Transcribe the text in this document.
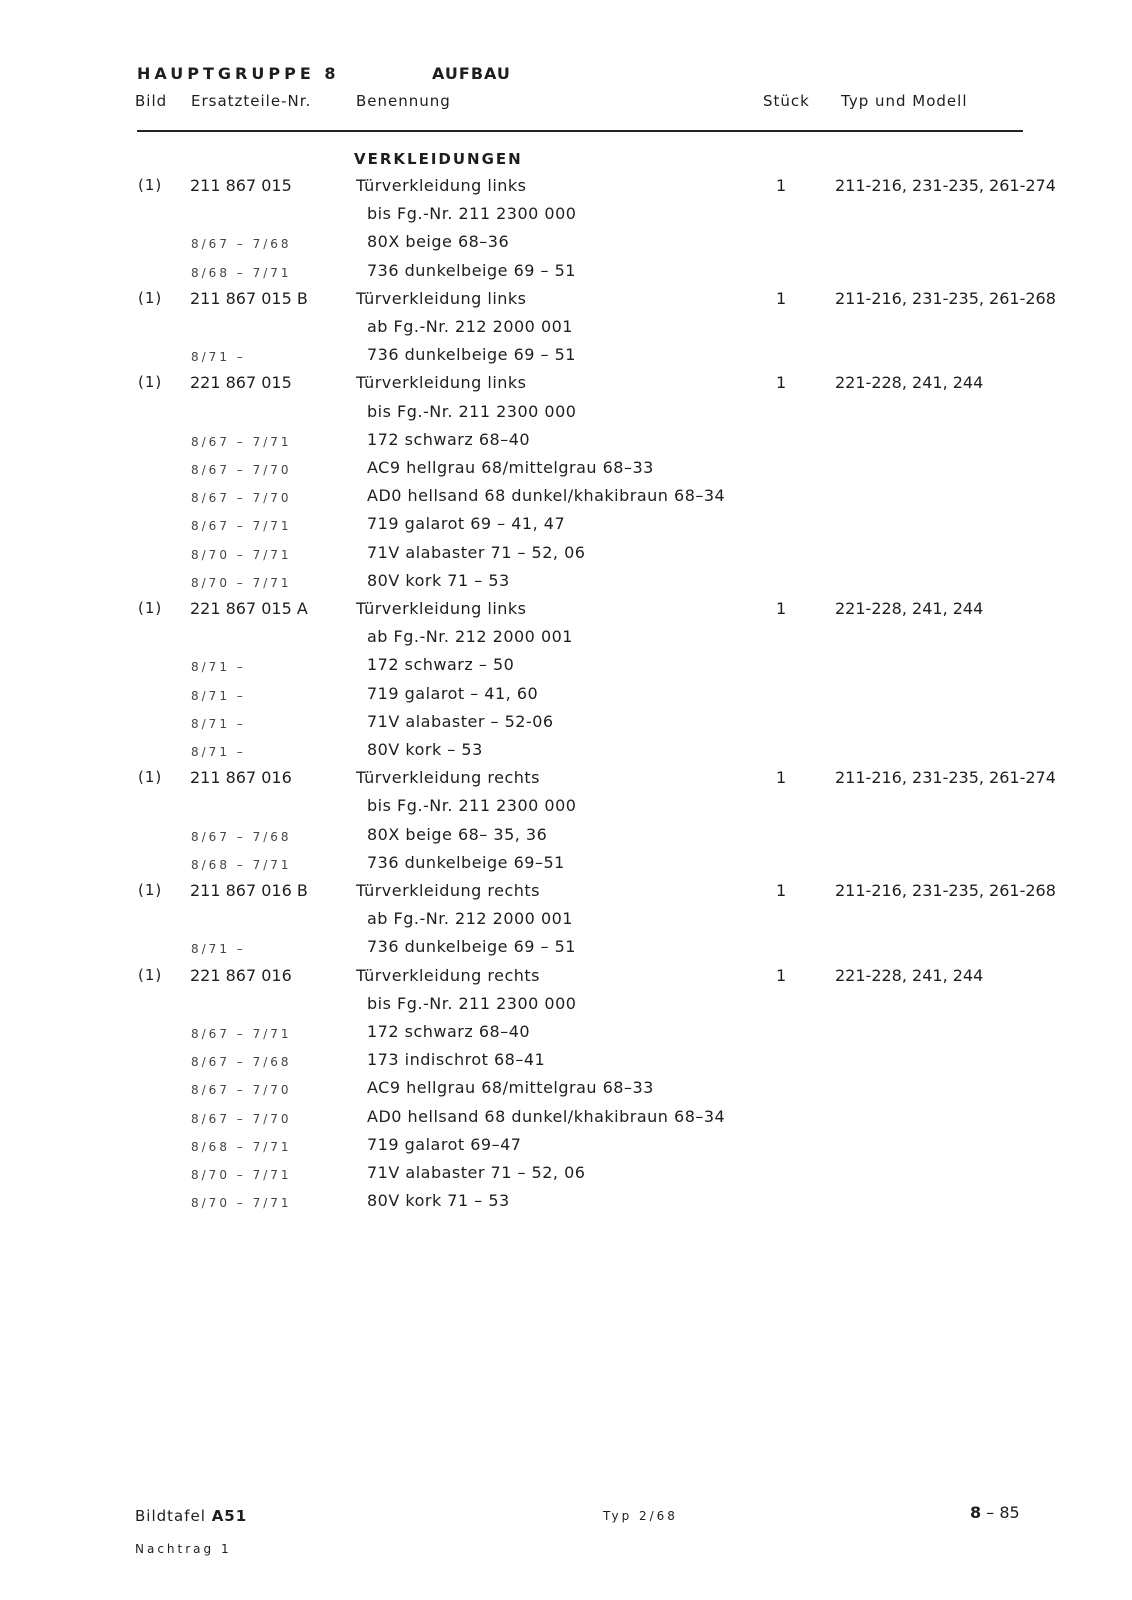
HAUPTGRUPPE 8	AUFBAU
Bild Ersatzteile-Nr.	Benennung	Stück Typ und Modell
VERKLEIDUNGEN
(1) 211 867 015	Türverkleidung links	1	211-216, 231-235, 261-274
bis Fg.-Nr. 211 2300 000
8/67 – 7/68	80X beige 68–36
8/68 – 7/71	736 dunkelbeige 69 – 51
(1) 211 867 015 B	Türverkleidung links	1	211-216, 231-235, 261-268
ab Fg.-Nr. 212 2000 001
8/71 –	736 dunkelbeige 69 – 51
(1) 221 867 015	Türverkleidung links	1	221-228, 241, 244
bis Fg.-Nr. 211 2300 000
8/67 – 7/71	172 schwarz 68–40
8/67 – 7/70	AC9 hellgrau 68/mittelgrau 68–33
8/67 – 7/70	AD0 hellsand 68 dunkel/khakibraun 68–34
8/67 – 7/71	719 galarot 69 – 41, 47
8/70 – 7/71	71V alabaster 71 – 52, 06
8/70 – 7/71	80V kork 71 – 53
(1) 221 867 015 A	Türverkleidung links	1	221-228, 241, 244
ab Fg.-Nr. 212 2000 001
8/71 –	172 schwarz – 50
8/71 –	719 galarot – 41, 60
8/71 –	71V alabaster – 52-06
8/71 –	80V kork – 53
(1) 211 867 016	Türverkleidung rechts	1	211-216, 231-235, 261-274
bis Fg.-Nr. 211 2300 000
8/67 – 7/68	80X beige 68– 35, 36
8/68 – 7/71	736 dunkelbeige 69–51
(1) 211 867 016 B	Türverkleidung rechts	1	211-216, 231-235, 261-268
ab Fg.-Nr. 212 2000 001
8/71 –	736 dunkelbeige 69 – 51
(1) 221 867 016	Türverkleidung rechts	1	221-228, 241, 244
bis Fg.-Nr. 211 2300 000
8/67 – 7/71	172 schwarz 68–40
8/67 – 7/68	173 indischrot 68–41
8/67 – 7/70	AC9 hellgrau 68/mittelgrau 68–33
8/67 – 7/70	AD0 hellsand 68 dunkel/khakibraun 68–34
8/68 – 7/71	719 galarot 69–47
8/70 – 7/71	71V alabaster 71 – 52, 06
8/70 – 7/71	80V kork 71 – 53
Bildtafel A51	Typ 2/68	8 – 85
Nachtrag 1
